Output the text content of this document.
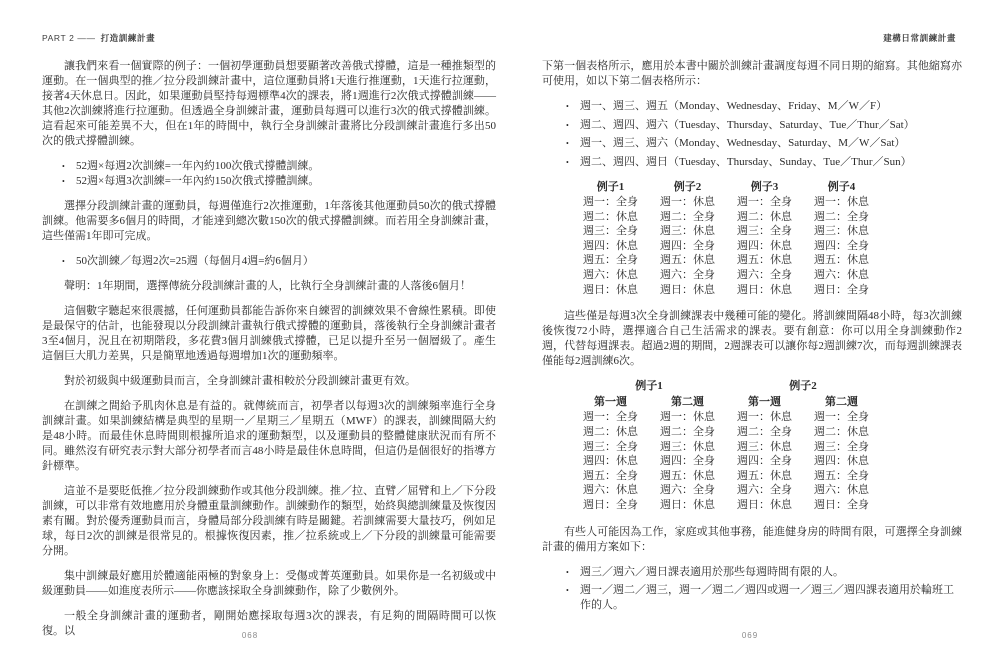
PART 2 —— 打造訓練計畫

讓我們來看一個實際的例子：一個初學運動員想要顯著改善俄式撐體，這是一種推類型的運動。在一個典型的推／拉分段訓練計畫中，這位運動員將1天進行推運動，1天進行拉運動，接著4天休息日。因此，如果運動員堅持每週標準4次的課表，將1週進行2次俄式撐體訓練——其他2次訓練將進行拉運動。但透過全身訓練計畫，運動員每週可以進行3次的俄式撐體訓練。這看起來可能差異不大，但在1年的時間中，執行全身訓練計畫將比分段訓練計畫進行多出50次的俄式撐體訓練。

•	52週×每週2次訓練=一年內約100次俄式撐體訓練。
•	52週×每週3次訓練=一年內約150次俄式撐體訓練。

選擇分段訓練計畫的運動員，每週僅進行2次推運動，1年落後其他運動員50次的俄式撐體訓練。他需要多6個月的時間，才能達到總次數150次的俄式撐體訓練。而若用全身訓練計畫，這些僅需1年即可完成。

•	50次訓練／每週2次=25週（每個月4週=約6個月）

聲明：1年期間，選擇傳統分段訓練計畫的人，比執行全身訓練計畫的人落後6個月！

這個數字聽起來很震撼，任何運動員都能告訴你來自練習的訓練效果不會線性累積。即使是最保守的估計，也能發現以分段訓練計畫執行俄式撐體的運動員，落後執行全身訓練計畫者3至4個月，況且在初期階段，多花費3個月訓練俄式撐體，已足以提升至另一個層級了。產生這個巨大肌力差異，只是簡單地透過每週增加1次的運動頻率。

對於初級與中級運動員而言，全身訓練計畫相較於分段訓練計畫更有效。

在訓練之間給予肌肉休息是有益的。就傳統而言，初學者以每週3次的訓練頻率進行全身訓練計畫。如果訓練結構是典型的星期一／星期三／星期五（MWF）的課表，訓練間隔大約是48小時。而最佳休息時間則根據所追求的運動類型，以及運動員的整體健康狀況而有所不同。雖然沒有研究表示對大部分初學者而言48小時是最佳休息時間，但這仍是個很好的指導方針標準。

這並不是要貶低推／拉分段訓練動作或其他分段訓練。推／拉、直臂／屈臂和上／下分段訓練，可以非常有效地應用於身體重量訓練動作。訓練動作的類型，始終與總訓練量及恢復因素有關。對於優秀運動員而言，身體局部分段訓練有時是關鍵。若訓練需要大量技巧，例如足球，每日2次的訓練是很常見的。根據恢復因素，推／拉系統或上／下分段的訓練量可能需要分開。

集中訓練最好應用於體適能兩極的對象身上：受傷或菁英運動員。如果你是一名初級或中級運動員——如進度表所示——你應該採取全身訓練動作，除了少數例外。

一般全身訓練計畫的運動者，剛開始應採取每週3次的課表，有足夠的間隔時間可以恢復。以	068
建構日常訓練計畫

下第一個表格所示，應用於本書中關於訓練計畫調度每週不同日期的縮寫。其他縮寫亦可使用，如以下第二個表格所示：

•	週一、週三、週五（Monday、Wednesday、Friday、M／W／F）
•	週二、週四、週六（Tuesday、Thursday、Saturday、Tue／Thur／Sat）
•	週一、週三、週六（Monday、Wednesday、Saturday、M／W／Sat）
•	週二、週四、週日（Tuesday、Thursday、Sunday、Tue／Thur／Sun）
例子1	例子2	例子3	例子4
週一：全身	週一：休息	週一：全身	週一：休息
週二：休息	週二：全身	週二：休息	週二：全身
週三：全身	週三：休息	週三：全身	週三：休息
週四：休息	週四：全身	週四：休息	週四：全身
週五：全身	週五：休息	週五：休息	週五：休息
週六：休息	週六：全身	週六：全身	週六：休息
週日：休息	週日：休息	週日：休息	週日：全身

這些僅是每週3次全身訓練課表中幾種可能的變化。將訓練間隔48小時，每3次訓練後恢復72小時，選擇適合自己生活需求的課表。要有創意：你可以用全身訓練動作2週，代替每週課表。超過2週的期間，2週課表可以讓你每2週訓練7次，而每週訓練課表僅能每2週訓練6次。

例子1	例子2
第一週	第二週	第一週	第二週
週一：全身	週一：休息	週一：休息	週一：全身
週二：休息	週二：全身	週二：全身	週二：休息
週三：全身	週三：休息	週三：休息	週三：全身
週四：休息	週四：全身	週四：全身	週四：休息
週五：全身	週五：休息	週五：休息	週五：全身
週六：休息	週六：全身	週六：全身	週六：休息
週日：全身	週日：休息	週日：休息	週日：全身

有些人可能因為工作，家庭或其他事務，能進健身房的時間有限，可選擇全身訓練計畫的備用方案如下：

•	週三／週六／週日課表適用於那些每週時間有限的人。
•	週一／週二／週三，週一／週二／週四或週一／週三／週四課表適用於輪班工作的人。
069
